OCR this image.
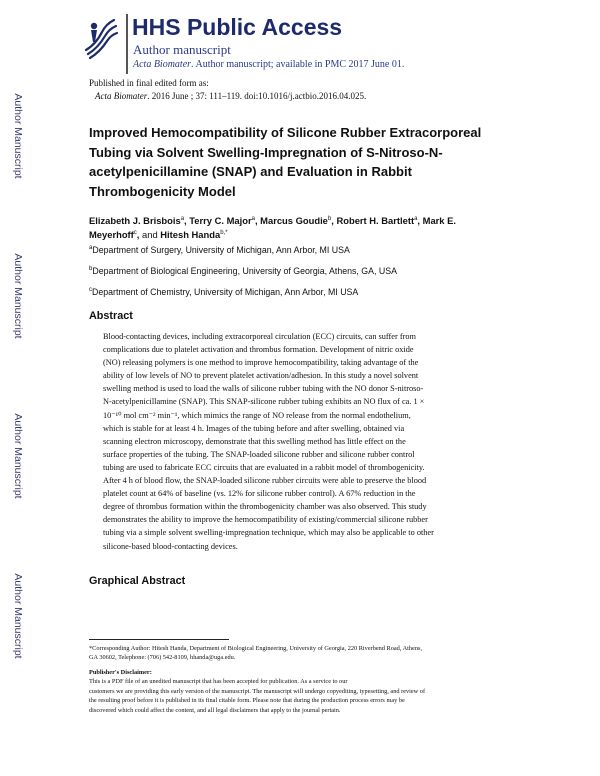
Author Manuscript
Author Manuscript
Author Manuscript
Author Manuscript
HHS Public Access
Author manuscript
Acta Biomater. Author manuscript; available in PMC 2017 June 01.
Published in final edited form as:
Acta Biomater. 2016 June ; 37: 111–119. doi:10.1016/j.actbio.2016.04.025.
Improved Hemocompatibility of Silicone Rubber Extracorporeal
Tubing via Solvent Swelling-Impregnation of S-Nitroso-N-
acetylpenicillamine (SNAP) and Evaluation in Rabbit
Thrombogenicity Model
Elizabeth J. Brisbois$^a$, Terry C. Major$^a$, Marcus Goudie$^b$, Robert H. Bartlett$^a$, Mark E.
Meyerhoff$^c$, and Hitesh Handa$^{b,*}$
$^a$Department of Surgery, University of Michigan, Ann Arbor, MI USA
$^b$Department of Biological Engineering, University of Georgia, Athens, GA, USA
$^c$Department of Chemistry, University of Michigan, Ann Arbor, MI USA
Abstract

Blood-contacting devices, including extracorporeal circulation (ECC) circuits, can suffer from
complications due to platelet activation and thrombus formation. Development of nitric oxide
(NO) releasing polymers is one method to improve hemocompatibility, taking advantage of the
ability of low levels of NO to prevent platelet activation/adhesion. In this study a novel solvent
swelling method is used to load the walls of silicone rubber tubing with the NO donor S-nitroso-
N-acetylpenicillamine (SNAP). This SNAP-silicone rubber tubing exhibits an NO flux of ca. 1 ×
10⁻¹⁰ mol cm⁻² min⁻¹, which mimics the range of NO release from the normal endothelium,
which is stable for at least 4 h. Images of the tubing before and after swelling, obtained via
scanning electron microscopy, demonstrate that this swelling method has little effect on the
surface properties of the tubing. The SNAP-loaded silicone rubber and silicone rubber control
tubing are used to fabricate ECC circuits that are evaluated in a rabbit model of thrombogenicity.
After 4 h of blood flow, the SNAP-loaded silicone rubber circuits were able to preserve the blood
platelet count at 64% of baseline (vs. 12% for silicone rubber control). A 67% reduction in the
degree of thrombus formation within the thrombogenicity chamber was also observed. This study
demonstrates the ability to improve the hemocompatibility of existing/commercial silicone rubber
tubing via a simple solvent swelling-impregnation technique, which may also be applicable to other
silicone-based blood-contacting devices.

Graphical Abstract

*Corresponding Author: Hitesh Handa, Department of Biological Engineering, University of Georgia, 220 Riverbend Road, Athens,
GA 30602, Telephone: (706) 542-8109, hhanda@uga.edu.

Publisher's Disclaimer:
This is a PDF file of an unedited manuscript that has been accepted for publication. As a service to our
customers we are providing this early version of the manuscript. The manuscript will undergo copyediting, typesetting, and review of
the resulting proof before it is published in its final citable form. Please note that during the production process errors may be
discovered which could affect the content, and all legal disclaimers that apply to the journal pertain.
